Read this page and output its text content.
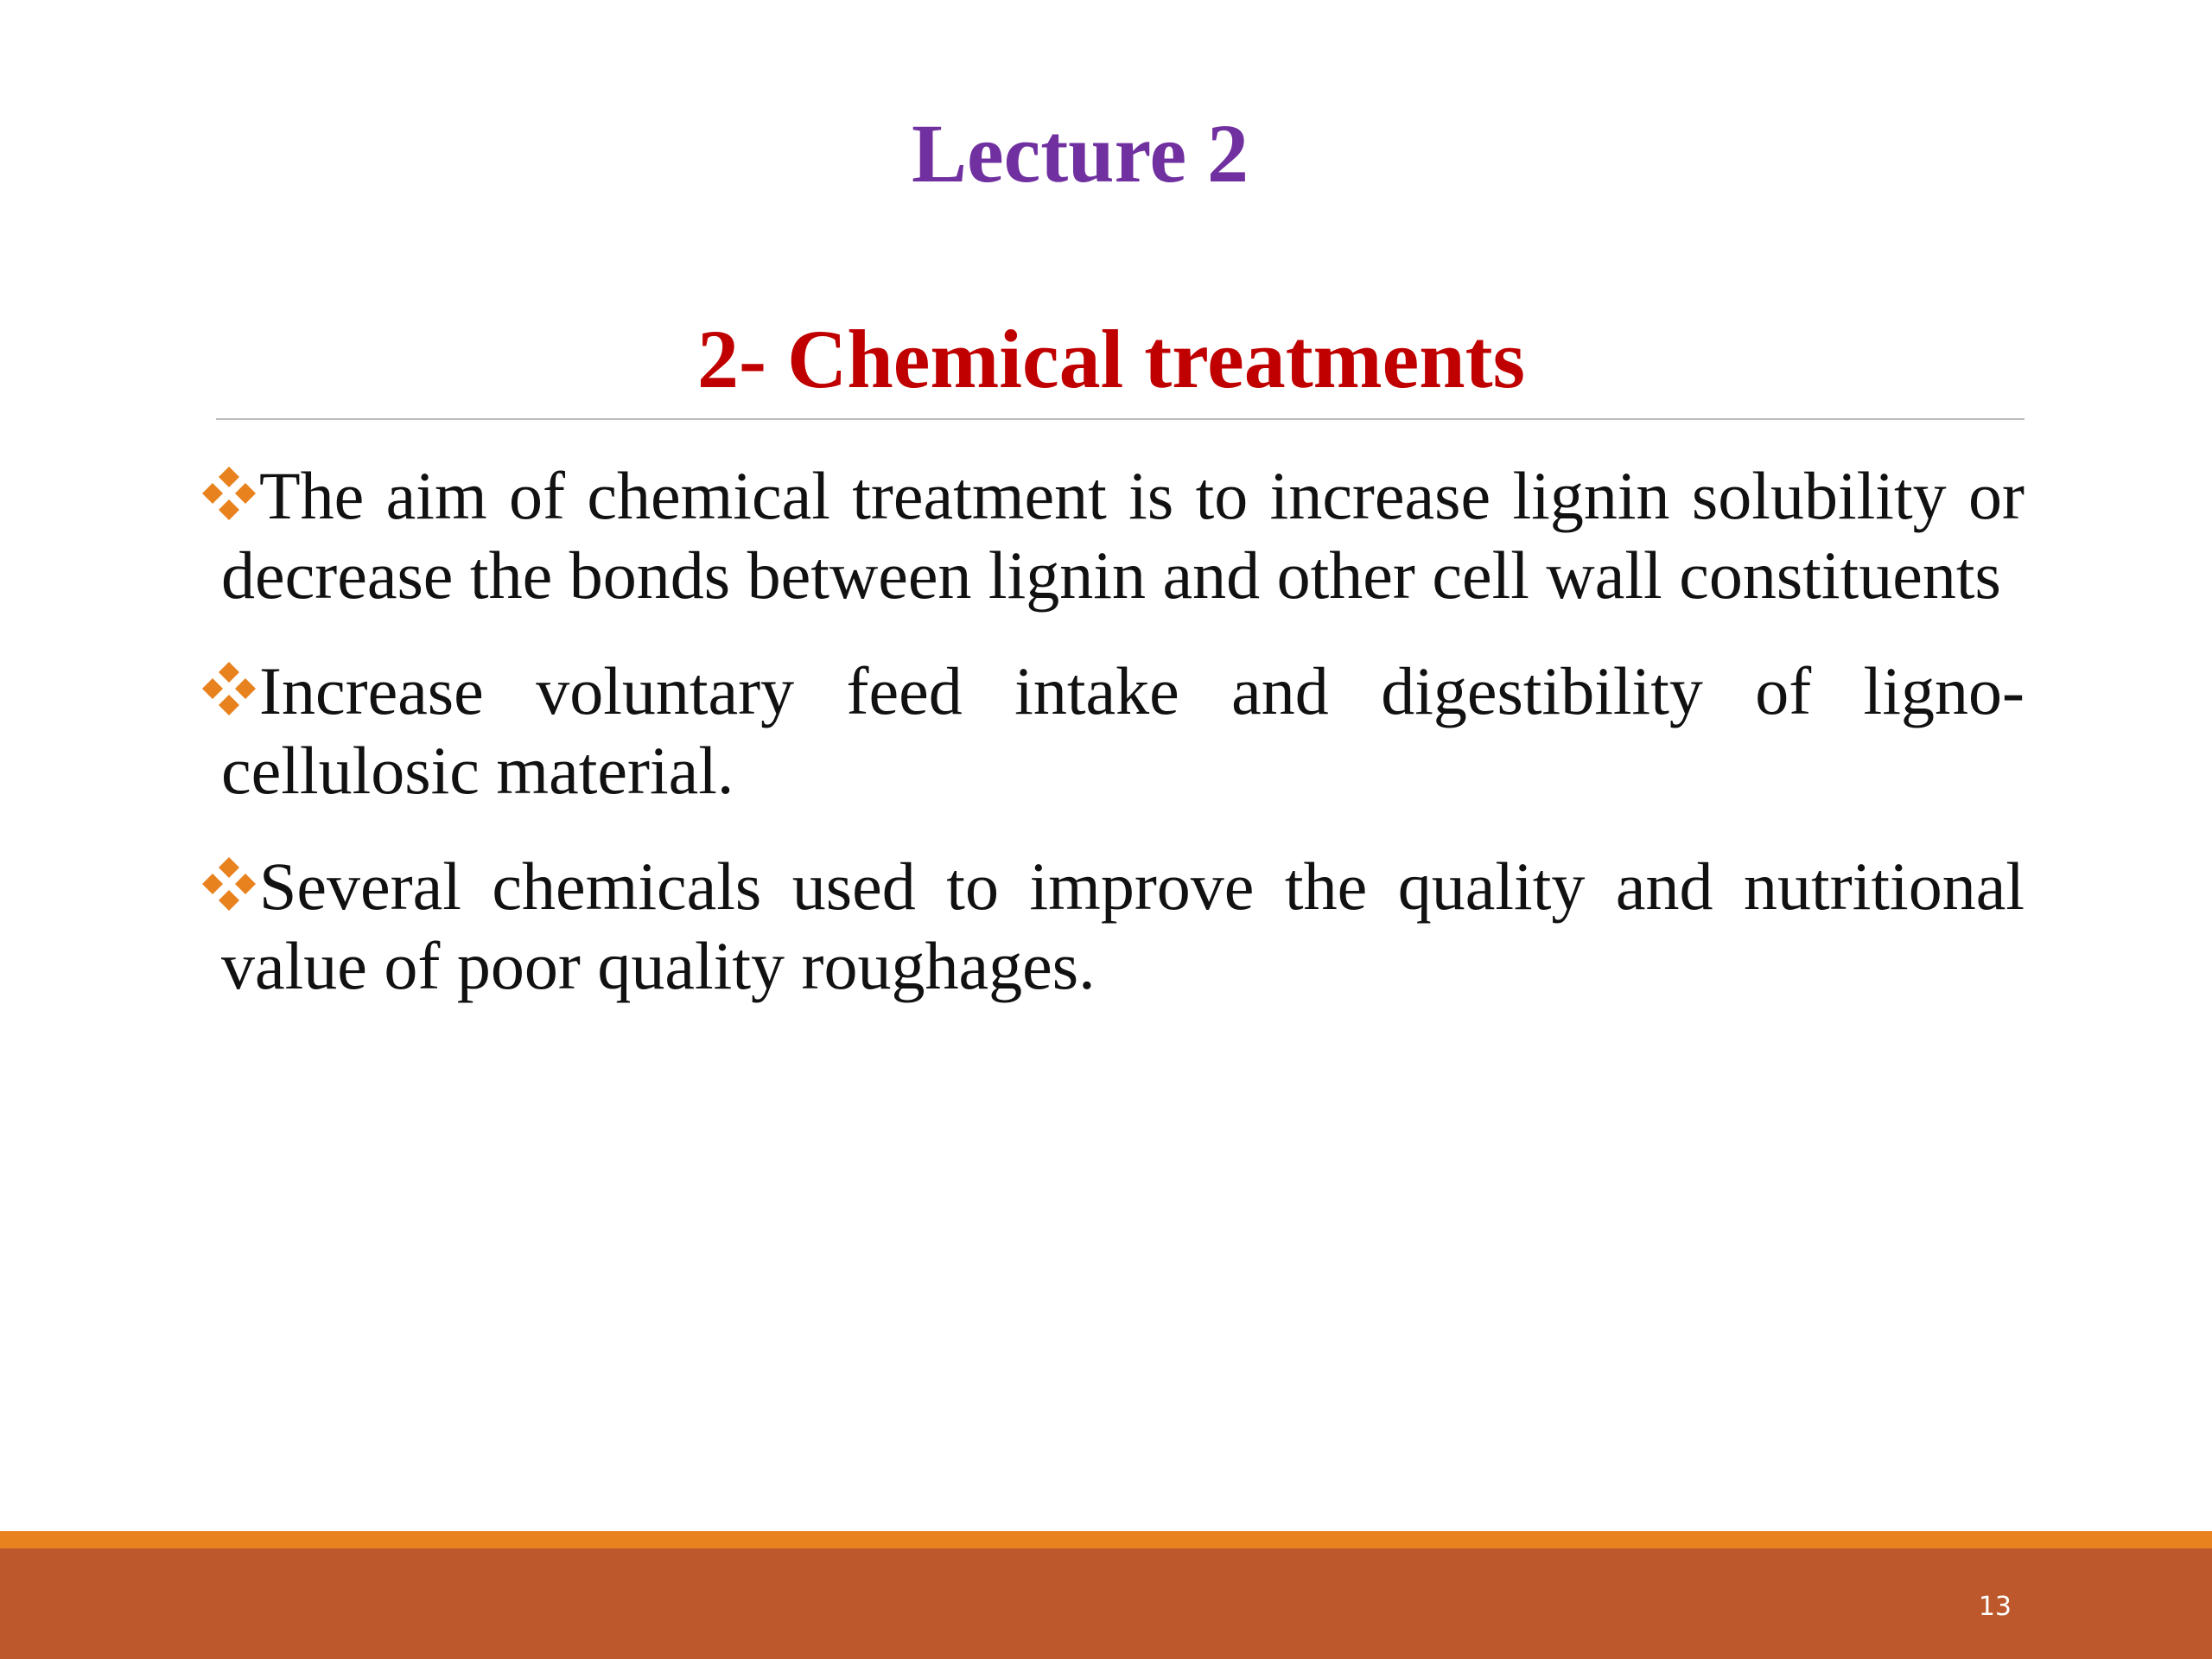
Lecture 2
2- Chemical treatments
The aim of chemical treatment is to increase lignin solubility or decrease the bonds between lignin and other cell wall constituents
Increase voluntary feed intake and digestibility of ligno-cellulosic material.
Several chemicals used to improve the quality and nutritional value of poor quality roughages.
13
